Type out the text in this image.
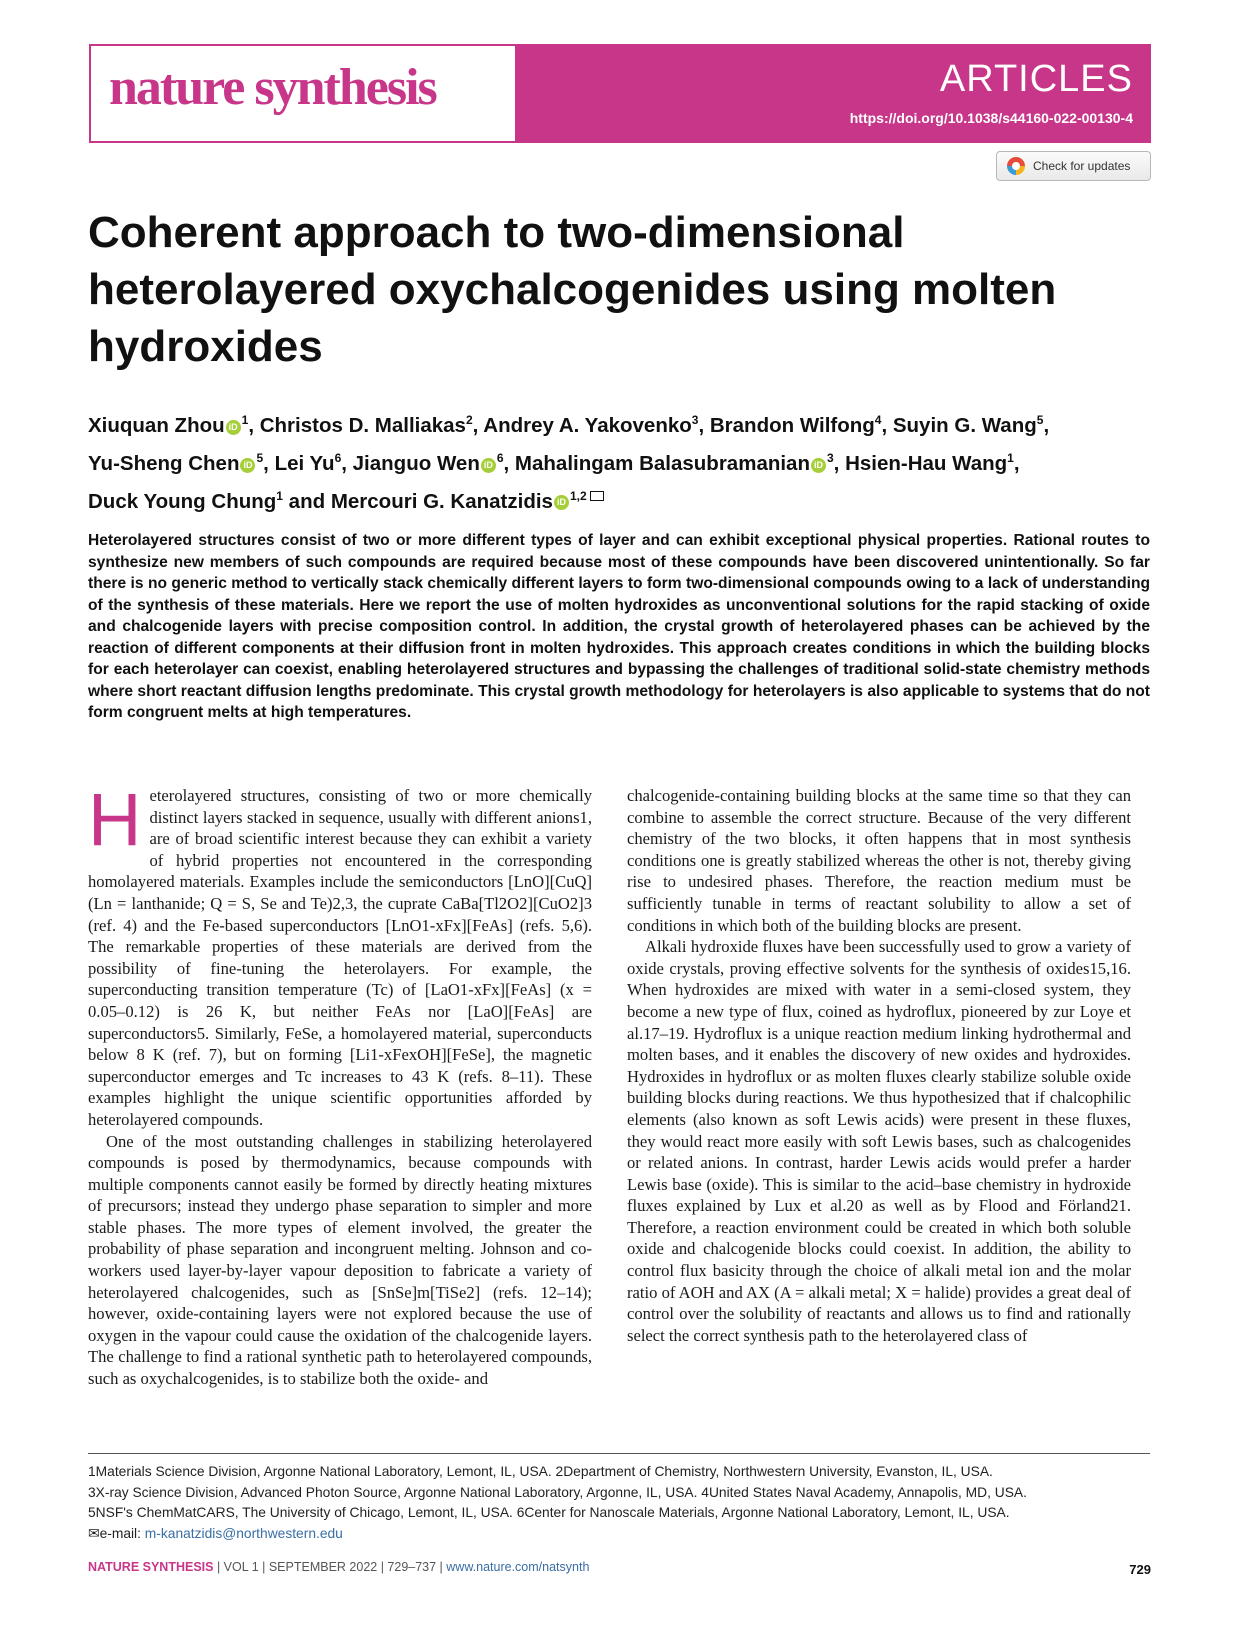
nature synthesis	ARTICLES
https://doi.org/10.1038/s44160-022-00130-4
Check for updates
Coherent approach to two-dimensional heterolayered oxychalcogenides using molten hydroxides
Xiuquan Zhou iD $^1$, Christos D. Malliakas$^2$, Andrey A. Yakovenko$^3$, Brandon Wilfong$^4$, Suyin G. Wang$^5$,
Yu-Sheng Chen iD $^5$, Lei Yu$^6$, Jianguo Wen iD $^6$, Mahalingam Balasubramanian iD $^3$, Hsien-Hau Wang$^1$,
Duck Young Chung$^1$ and Mercouri G. Kanatzidis iD $^{1,2}$

Heterolayered structures consist of two or more different types of layer and can exhibit exceptional physical properties. Rational routes to synthesize new members of such compounds are required because most of these compounds have been discovered unintentionally. So far there is no generic method to vertically stack chemically different layers to form two-dimensional compounds owing to a lack of understanding of the synthesis of these materials. Here we report the use of molten hydroxides as unconventional solutions for the rapid stacking of oxide and chalcogenide layers with precise composition control. In addition, the crystal growth of heterolayered phases can be achieved by the reaction of different components at their diffusion front in molten hydroxides. This approach creates conditions in which the building blocks for each heterolayer can coexist, enabling heterolayered structures and bypassing the challenges of traditional solid-state chemistry methods where short reactant diffusion lengths predominate. This crystal growth methodology for heterolayers is also applicable to systems that do not form congruent melts at high temperatures.

Heterolayered structures, consisting of two or more chemically distinct layers stacked in sequence, usually with different anions1, are of broad scientific interest because they can exhibit a variety of hybrid properties not encountered in the corresponding homolayered materials. Examples include the semiconductors [LnO][CuQ] (Ln = lanthanide; Q = S, Se and Te)2,3, the cuprate CaBa[Tl2O2][CuO2]3 (ref. 4) and the Fe-based superconductors [LnO1-xFx][FeAs] (refs. 5,6). The remarkable properties of these materials are derived from the possibility of fine-tuning the heterolayers. For example, the superconducting transition temperature (Tc) of [LaO1-xFx][FeAs] (x = 0.05–0.12) is 26 K, but neither FeAs nor [LaO][FeAs] are superconductors5. Similarly, FeSe, a homolayered material, superconducts below 8 K (ref. 7), but on forming [Li1-xFexOH][FeSe], the magnetic superconductor emerges and Tc increases to 43 K (refs. 8–11). These examples highlight the unique scientific opportunities afforded by heterolayered compounds.

One of the most outstanding challenges in stabilizing heterolayered compounds is posed by thermodynamics, because compounds with multiple components cannot easily be formed by directly heating mixtures of precursors; instead they undergo phase separation to simpler and more stable phases. The more types of element involved, the greater the probability of phase separation and incongruent melting. Johnson and co-workers used layer-by-layer vapour deposition to fabricate a variety of heterolayered chalcogenides, such as [SnSe]m[TiSe2] (refs. 12–14); however, oxide-containing layers were not explored because the use of oxygen in the vapour could cause the oxidation of the chalcogenide layers. The challenge to find a rational synthetic path to heterolayered compounds, such as oxychalcogenides, is to stabilize both the oxide- and

chalcogenide-containing building blocks at the same time so that they can combine to assemble the correct structure. Because of the very different chemistry of the two blocks, it often happens that in most synthesis conditions one is greatly stabilized whereas the other is not, thereby giving rise to undesired phases. Therefore, the reaction medium must be sufficiently tunable in terms of reactant solubility to allow a set of conditions in which both of the building blocks are present.

Alkali hydroxide fluxes have been successfully used to grow a variety of oxide crystals, proving effective solvents for the synthesis of oxides15,16. When hydroxides are mixed with water in a semi-closed system, they become a new type of flux, coined as hydroflux, pioneered by zur Loye et al.17–19. Hydroflux is a unique reaction medium linking hydrothermal and molten bases, and it enables the discovery of new oxides and hydroxides. Hydroxides in hydroflux or as molten fluxes clearly stabilize soluble oxide building blocks during reactions. We thus hypothesized that if chalcophilic elements (also known as soft Lewis acids) were present in these fluxes, they would react more easily with soft Lewis bases, such as chalcogenides or related anions. In contrast, harder Lewis acids would prefer a harder Lewis base (oxide). This is similar to the acid–base chemistry in hydroxide fluxes explained by Lux et al.20 as well as by Flood and Förland21. Therefore, a reaction environment could be created in which both soluble oxide and chalcogenide blocks could coexist. In addition, the ability to control flux basicity through the choice of alkali metal ion and the molar ratio of AOH and AX (A = alkali metal; X = halide) provides a great deal of control over the solubility of reactants and allows us to find and rationally select the correct synthesis path to the heterolayered class of

1Materials Science Division, Argonne National Laboratory, Lemont, IL, USA. 2Department of Chemistry, Northwestern University, Evanston, IL, USA.
3X-ray Science Division, Advanced Photon Source, Argonne National Laboratory, Argonne, IL, USA. 4United States Naval Academy, Annapolis, MD, USA.
5NSF's ChemMatCARS, The University of Chicago, Lemont, IL, USA. 6Center for Nanoscale Materials, Argonne National Laboratory, Lemont, IL, USA.
✉e-mail: m-kanatzidis@northwestern.edu
NATURE SYNTHESIS | VOL 1 | SEPTEMBER 2022 | 729–737 | www.nature.com/natsynth	729
